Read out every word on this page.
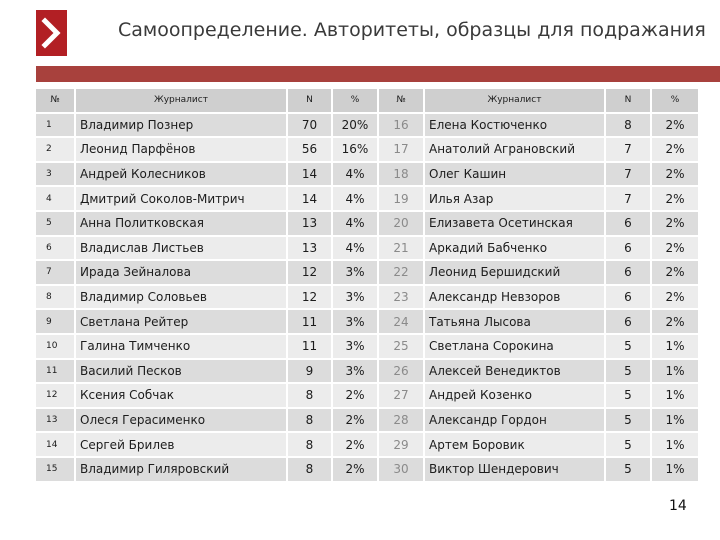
Самоопределение. Авторитеты, образцы для подражания
№	Журналист	N	%	№	Журналист	N	%
1	Владимир Познер	70	20%	16	Елена Костюченко	8	2%
2	Леонид Парфёнов	56	16%	17	Анатолий Аграновский	7	2%
3	Андрей Колесников	14	4%	18	Олег Кашин	7	2%
4	Дмитрий Соколов-Митрич	14	4%	19	Илья Азар	7	2%
5	Анна Политковская	13	4%	20	Елизавета Осетинская	6	2%
6	Владислав Листьев	13	4%	21	Аркадий Бабченко	6	2%
7	Ирада Зейналова	12	3%	22	Леонид Бершидский	6	2%
8	Владимир Соловьев	12	3%	23	Александр Невзоров	6	2%
9	Светлана Рейтер	11	3%	24	Татьяна Лысова	6	2%
10	Галина Тимченко	11	3%	25	Светлана Сорокина	5	1%
11	Василий Песков	9	3%	26	Алексей Венедиктов	5	1%
12	Ксения Собчак	8	2%	27	Андрей Козенко	5	1%
13	Олеся Герасименко	8	2%	28	Александр Гордон	5	1%
14	Сергей Брилев	8	2%	29	Артем Боровик	5	1%
15	Владимир Гиляровский	8	2%	30	Виктор Шендерович	5	1%
14
